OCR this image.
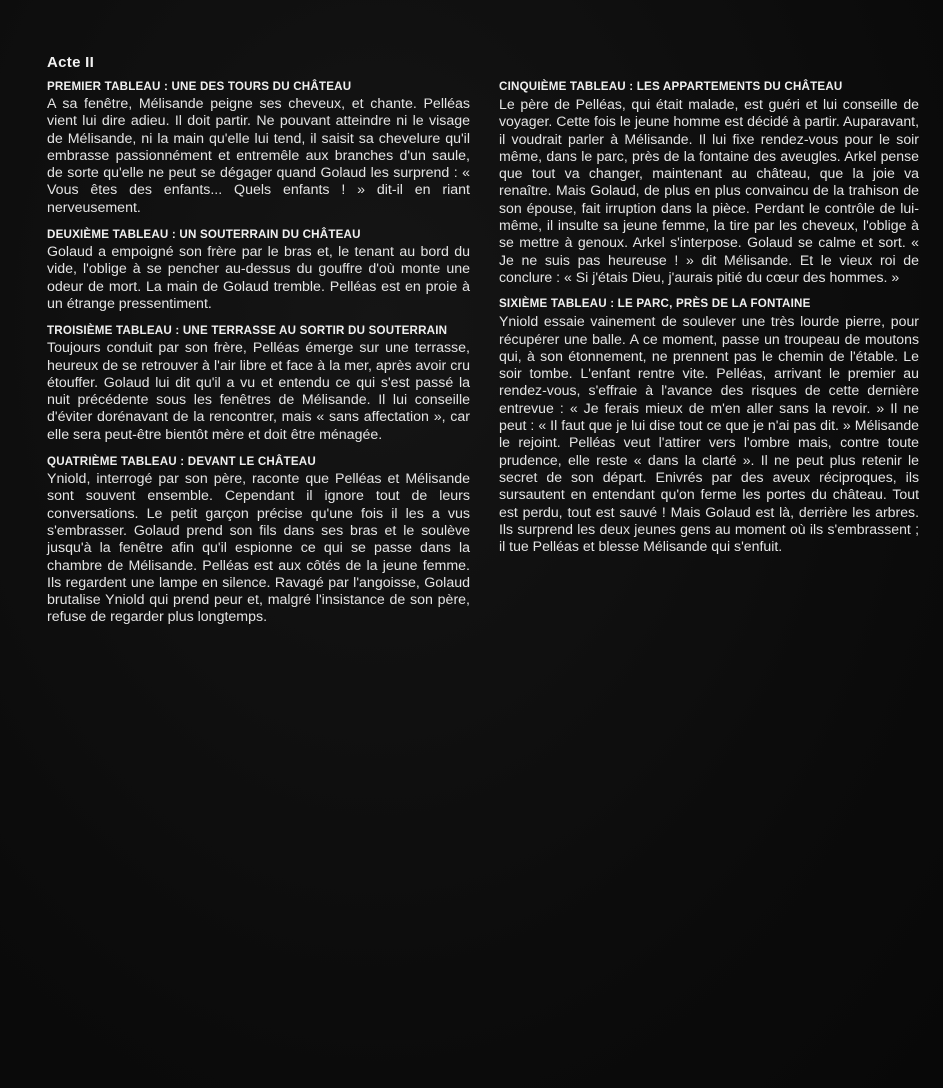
Acte II
PREMIER TABLEAU : UNE DES TOURS DU CHÂTEAU
A sa fenêtre, Mélisande peigne ses cheveux, et chante. Pelléas vient lui dire adieu. Il doit partir. Ne pouvant atteindre ni le visage de Mélisande, ni la main qu'elle lui tend, il saisit sa chevelure qu'il embrasse passionnément et entremêle aux branches d'un saule, de sorte qu'elle ne peut se dégager quand Golaud les surprend : « Vous êtes des enfants... Quels enfants ! » dit-il en riant nerveusement.
DEUXIÈME TABLEAU : UN SOUTERRAIN DU CHÂTEAU
Golaud a empoigné son frère par le bras et, le tenant au bord du vide, l'oblige à se pencher au-dessus du gouffre d'où monte une odeur de mort. La main de Golaud tremble. Pelléas est en proie à un étrange pressentiment.
TROISIÈME TABLEAU : UNE TERRASSE AU SORTIR DU SOUTERRAIN
Toujours conduit par son frère, Pelléas émerge sur une terrasse, heureux de se retrouver à l'air libre et face à la mer, après avoir cru étouffer. Golaud lui dit qu'il a vu et entendu ce qui s'est passé la nuit précédente sous les fenêtres de Mélisande. Il lui conseille d'éviter dorénavant de la rencontrer, mais « sans affectation », car elle sera peut-être bientôt mère et doit être ménagée.
QUATRIÈME TABLEAU : DEVANT LE CHÂTEAU
Yniold, interrogé par son père, raconte que Pelléas et Mélisande sont souvent ensemble. Cependant il ignore tout de leurs conversations. Le petit garçon précise qu'une fois il les a vus s'embrasser. Golaud prend son fils dans ses bras et le soulève jusqu'à la fenêtre afin qu'il espionne ce qui se passe dans la chambre de Mélisande. Pelléas est aux côtés de la jeune femme. Ils regardent une lampe en silence. Ravagé par l'angoisse, Golaud brutalise Yniold qui prend peur et, malgré l'insistance de son père, refuse de regarder plus longtemps.
CINQUIÈME TABLEAU : LES APPARTEMENTS DU CHÂTEAU
Le père de Pelléas, qui était malade, est guéri et lui conseille de voyager. Cette fois le jeune homme est décidé à partir. Auparavant, il voudrait parler à Mélisande. Il lui fixe rendez-vous pour le soir même, dans le parc, près de la fontaine des aveugles. Arkel pense que tout va changer, maintenant au château, que la joie va renaître. Mais Golaud, de plus en plus convaincu de la trahison de son épouse, fait irruption dans la pièce. Perdant le contrôle de lui-même, il insulte sa jeune femme, la tire par les cheveux, l'oblige à se mettre à genoux. Arkel s'interpose. Golaud se calme et sort. « Je ne suis pas heureuse ! » dit Mélisande. Et le vieux roi de conclure : « Si j'étais Dieu, j'aurais pitié du cœur des hommes. »
SIXIÈME TABLEAU : LE PARC, PRÈS DE LA FONTAINE
Yniold essaie vainement de soulever une très lourde pierre, pour récupérer une balle. A ce moment, passe un troupeau de moutons qui, à son étonnement, ne prennent pas le chemin de l'étable. Le soir tombe. L'enfant rentre vite. Pelléas, arrivant le premier au rendez-vous, s'effraie à l'avance des risques de cette dernière entrevue : « Je ferais mieux de m'en aller sans la revoir. » Il ne peut : « Il faut que je lui dise tout ce que je n'ai pas dit. » Mélisande le rejoint. Pelléas veut l'attirer vers l'ombre mais, contre toute prudence, elle reste « dans la clarté ». Il ne peut plus retenir le secret de son départ. Enivrés par des aveux réciproques, ils sursautent en entendant qu'on ferme les portes du château. Tout est perdu, tout est sauvé ! Mais Golaud est là, derrière les arbres. Ils surprend les deux jeunes gens au moment où ils s'embrassent ; il tue Pelléas et blesse Mélisande qui s'enfuit.
